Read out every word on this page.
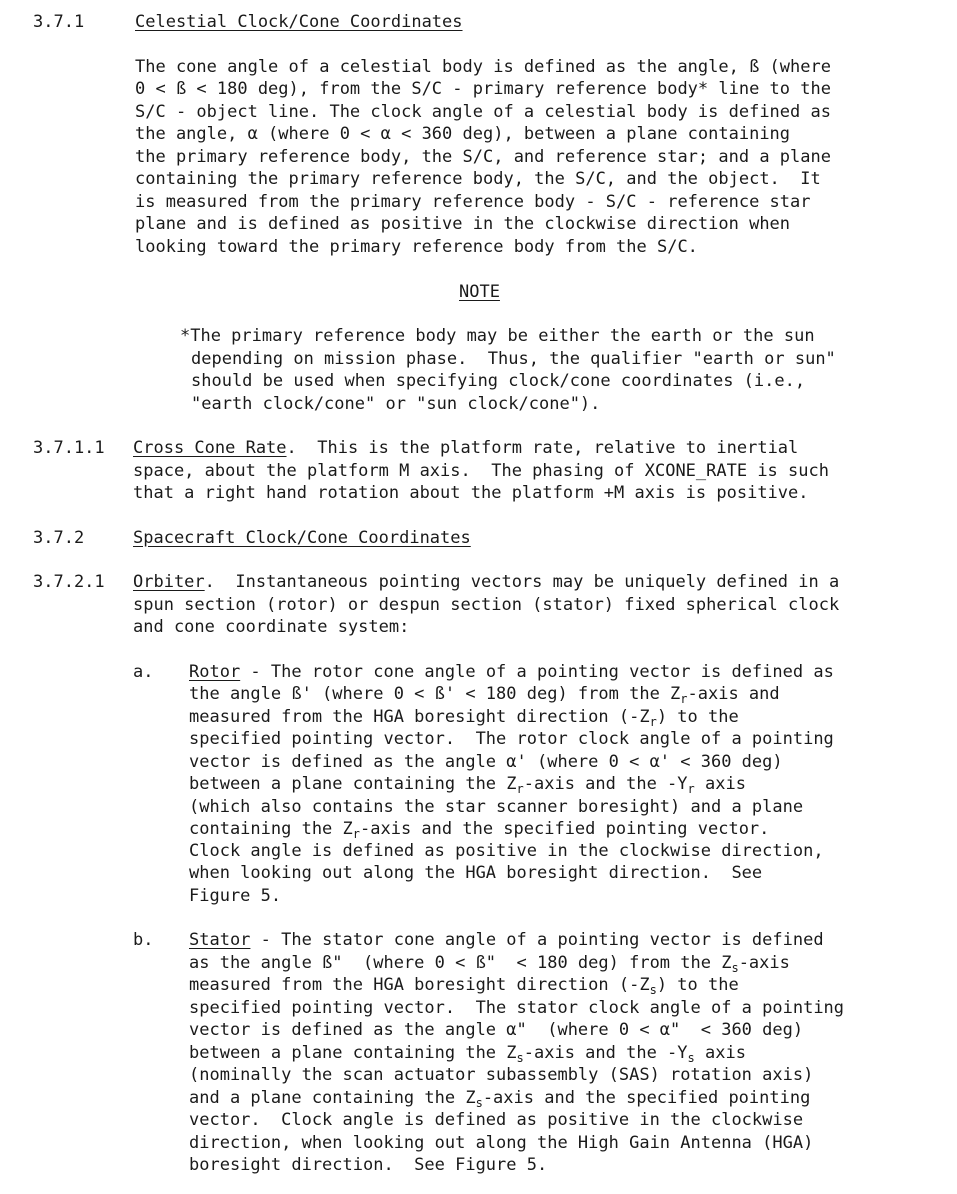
3.7.1	Celestial Clock/Cone Coordinates
The cone angle of a celestial body is defined as the angle, ß (where
0 < ß < 180 deg), from the S/C - primary reference body* line to the
S/C - object line. The clock angle of a celestial body is defined as
the angle, α (where 0 < α < 360 deg), between a plane containing
the primary reference body, the S/C, and reference star; and a plane
containing the primary reference body, the S/C, and the object.  It
is measured from the primary reference body - S/C - reference star
plane and is defined as positive in the clockwise direction when
looking toward the primary reference body from the S/C.
NOTE
*The primary reference body may be either the earth or the sun
depending on mission phase.  Thus, the qualifier "earth or sun"
should be used when specifying clock/cone coordinates (i.e.,
"earth clock/cone" or "sun clock/cone").
3.7.1.1 Cross Cone Rate.  This is the platform rate, relative to inertial
space, about the platform M axis.  The phasing of XCONE_RATE is such
that a right hand rotation about the platform +M axis is positive.
3.7.2	Spacecraft Clock/Cone Coordinates
3.7.2.1 Orbiter.  Instantaneous pointing vectors may be uniquely defined in a
spun section (rotor) or despun section (stator) fixed spherical clock
and cone coordinate system:
a. Rotor - The rotor cone angle of a pointing vector is defined as
the angle ß' (where 0 < ß' < 180 deg) from the $Z_r$-axis and
measured from the HGA boresight direction $(-Z_r)$ to the
specified pointing vector.  The rotor clock angle of a pointing
vector is defined as the angle α' (where 0 < α' < 360 deg)
between a plane containing the $Z_r$-axis and the $-Y_r$ axis
(which also contains the star scanner boresight) and a plane
containing the $Z_r$-axis and the specified pointing vector.
Clock angle is defined as positive in the clockwise direction,
when looking out along the HGA boresight direction.  See
Figure 5.
b. Stator - The stator cone angle of a pointing vector is defined
as the angle ß"  (where 0 < ß"  < 180 deg) from the $Z_s$-axis
measured from the HGA boresight direction $(-Z_s)$ to the
specified pointing vector.  The stator clock angle of a pointing
vector is defined as the angle α"  (where 0 < α"  < 360 deg)
between a plane containing the $Z_s$-axis and the $-Y_s$ axis
(nominally the scan actuator subassembly (SAS) rotation axis)
and a plane containing the $Z_s$-axis and the specified pointing
vector.  Clock angle is defined as positive in the clockwise
direction, when looking out along the High Gain Antenna (HGA)
boresight direction.  See Figure 5.
